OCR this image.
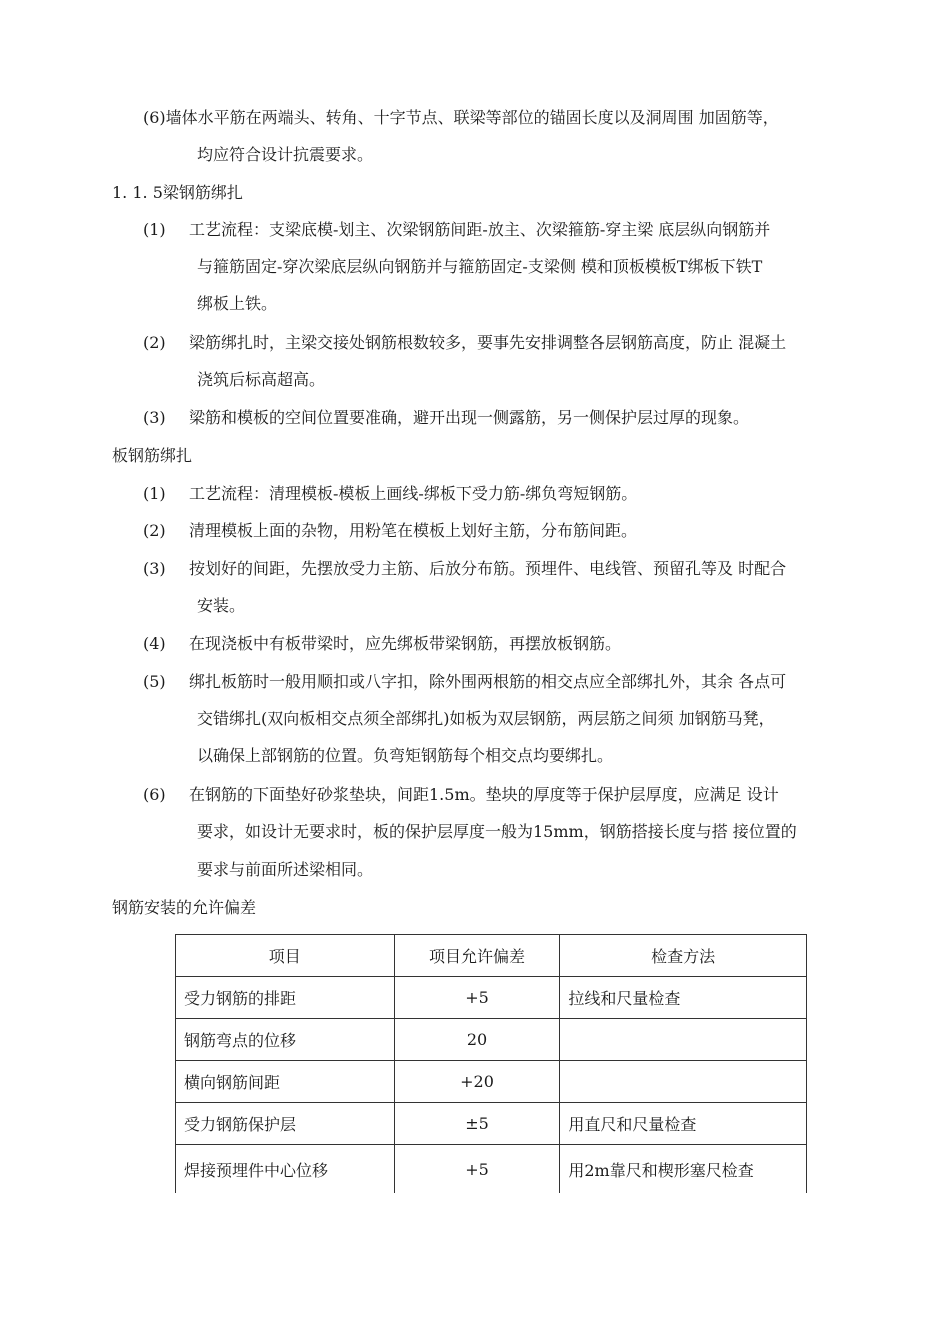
(6)墙体水平筋在两端头、转角、十字节点、联梁等部位的锚固长度以及洞周围 加固筋等，
均应符合设计抗震要求。
1. 1. 5梁钢筋绑扎
(1) 工艺流程：支梁底模-划主、次梁钢筋间距-放主、次梁箍筋-穿主梁 底层纵向钢筋并
与箍筋固定-穿次梁底层纵向钢筋并与箍筋固定-支梁侧 模和顶板模板T绑板下铁T
绑板上铁。
(2) 梁筋绑扎时，主梁交接处钢筋根数较多，要事先安排调整各层钢筋高度，防止 混凝土
浇筑后标高超高。
(3) 梁筋和模板的空间位置要准确，避开出现一侧露筋，另一侧保护层过厚的现象。
板钢筋绑扎
(1) 工艺流程：清理模板-模板上画线-绑板下受力筋-绑负弯短钢筋。
(2) 清理模板上面的杂物，用粉笔在模板上划好主筋，分布筋间距。
(3) 按划好的间距，先摆放受力主筋、后放分布筋。预埋件、电线管、预留孔等及 时配合
安装。
(4) 在现浇板中有板带梁时，应先绑板带梁钢筋，再摆放板钢筋。
(5) 绑扎板筋时一般用顺扣或八字扣，除外围两根筋的相交点应全部绑扎外，其余 各点可
交错绑扎(双向板相交点须全部绑扎)如板为双层钢筋，两层筋之间须 加钢筋马凳，
以确保上部钢筋的位置。负弯矩钢筋每个相交点均要绑扎。
(6) 在钢筋的下面垫好砂浆垫块，间距1.5m。垫块的厚度等于保护层厚度，应满足 设计
要求，如设计无要求时，板的保护层厚度一般为15mm，钢筋搭接长度与搭 接位置的
要求与前面所述梁相同。
钢筋安装的允许偏差
项目	项目允许偏差	检查方法
受力钢筋的排距	+5	拉线和尺量检查
钢筋弯点的位移	20	
横向钢筋间距	+20	
受力钢筋保护层	±5	用直尺和尺量检查
焊接预埋件中心位移	+5	用2m靠尺和楔形塞尺检查
